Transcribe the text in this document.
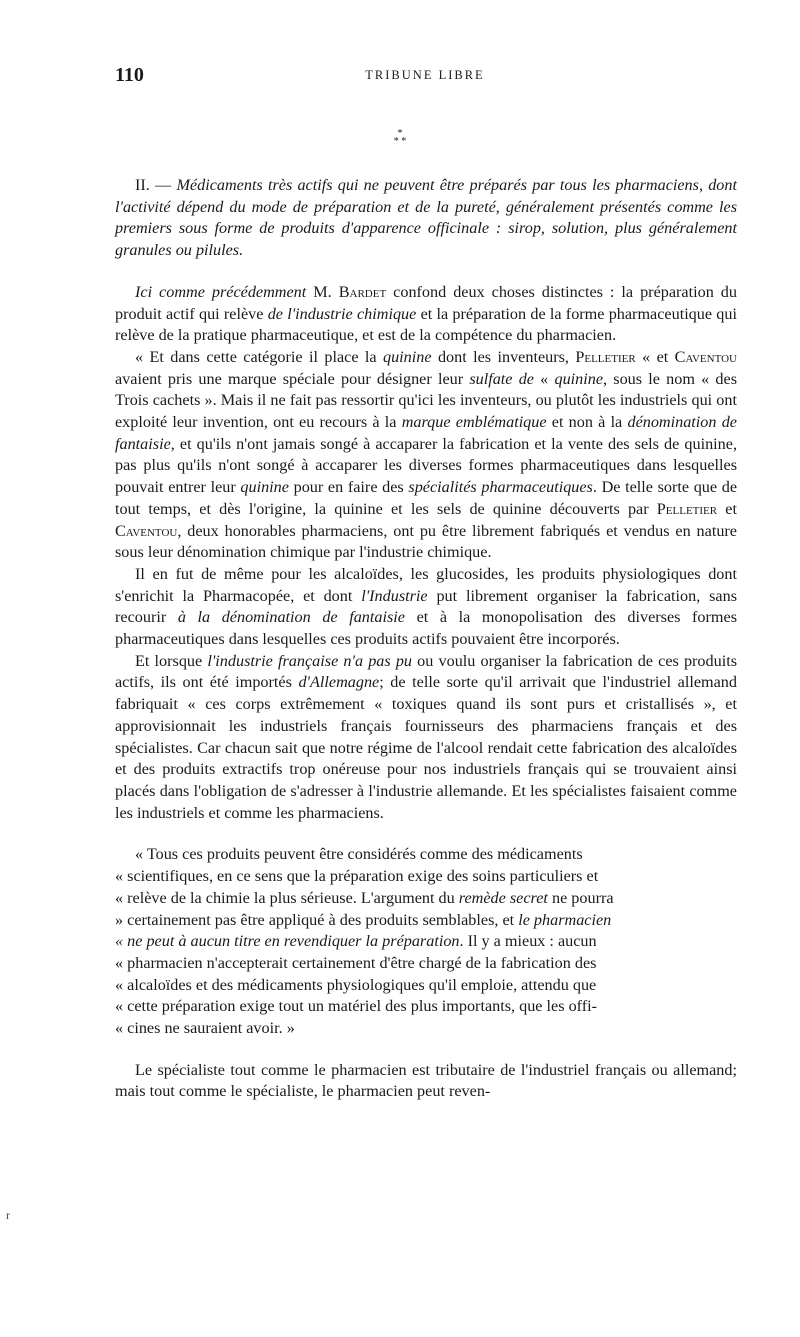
110	TRIBUNE LIBRE
*
* *

II. — Médicaments très actifs qui ne peuvent être préparés par tous les pharmaciens, dont l'activité dépend du mode de préparation et de la pureté, généralement présentés comme les premiers sous forme de produits d'apparence officinale : sirop, solution, plus généralement granules ou pilules.

Ici comme précédemment M. Bardet confond deux choses distinctes : la préparation du produit actif qui relève de l'industrie chimique et la préparation de la forme pharmaceutique qui relève de la pratique pharmaceutique, et est de la compétence du pharmacien.

« Et dans cette catégorie il place la quinine dont les inventeurs, Pelletier « et Caventou avaient pris une marque spéciale pour désigner leur sulfate de « quinine, sous le nom « des Trois cachets ». Mais il ne fait pas ressortir qu'ici les inventeurs, ou plutôt les industriels qui ont exploité leur invention, ont eu recours à la marque emblématique et non à la dénomination de fantaisie, et qu'ils n'ont jamais songé à accaparer la fabrication et la vente des sels de quinine, pas plus qu'ils n'ont songé à accaparer les diverses formes pharmaceutiques dans lesquelles pouvait entrer leur quinine pour en faire des spécialités pharmaceutiques. De telle sorte que de tout temps, et dès l'origine, la quinine et les sels de quinine découverts par Pelletier et Caventou, deux honorables pharmaciens, ont pu être librement fabriqués et vendus en nature sous leur dénomination chimique par l'industrie chimique.

Il en fut de même pour les alcaloïdes, les glucosides, les produits physiologiques dont s'enrichit la Pharmacopée, et dont l'Industrie put librement organiser la fabrication, sans recourir à la dénomination de fantaisie et à la monopolisation des diverses formes pharmaceutiques dans lesquelles ces produits actifs pouvaient être incorporés.

Et lorsque l'industrie française n'a pas pu ou voulu organiser la fabrication de ces produits actifs, ils ont été importés d'Allemagne; de telle sorte qu'il arrivait que l'industriel allemand fabriquait « ces corps extrêmement « toxiques quand ils sont purs et cristallisés », et approvisionnait les industriels français fournisseurs des pharmaciens français et des spécialistes. Car chacun sait que notre régime de l'alcool rendait cette fabrication des alcaloïdes et des produits extractifs trop onéreuse pour nos industriels français qui se trouvaient ainsi placés dans l'obligation de s'adresser à l'industrie allemande. Et les spécialistes faisaient comme les industriels et comme les pharmaciens.

« Tous ces produits peuvent être considérés comme des médicaments
« scientifiques, en ce sens que la préparation exige des soins particuliers et
« relève de la chimie la plus sérieuse. L'argument du remède secret ne pourra
» certainement pas être appliqué à des produits semblables, et le pharmacien
« ne peut à aucun titre en revendiquer la préparation. Il y a mieux : aucun
« pharmacien n'accepterait certainement d'être chargé de la fabrication des
« alcaloïdes et des médicaments physiologiques qu'il emploie, attendu que
« cette préparation exige tout un matériel des plus importants, que les offi-
« cines ne sauraient avoir. »

Le spécialiste tout comme le pharmacien est tributaire de l'industriel français ou allemand; mais tout comme le spécialiste, le pharmacien peut reven-

r
